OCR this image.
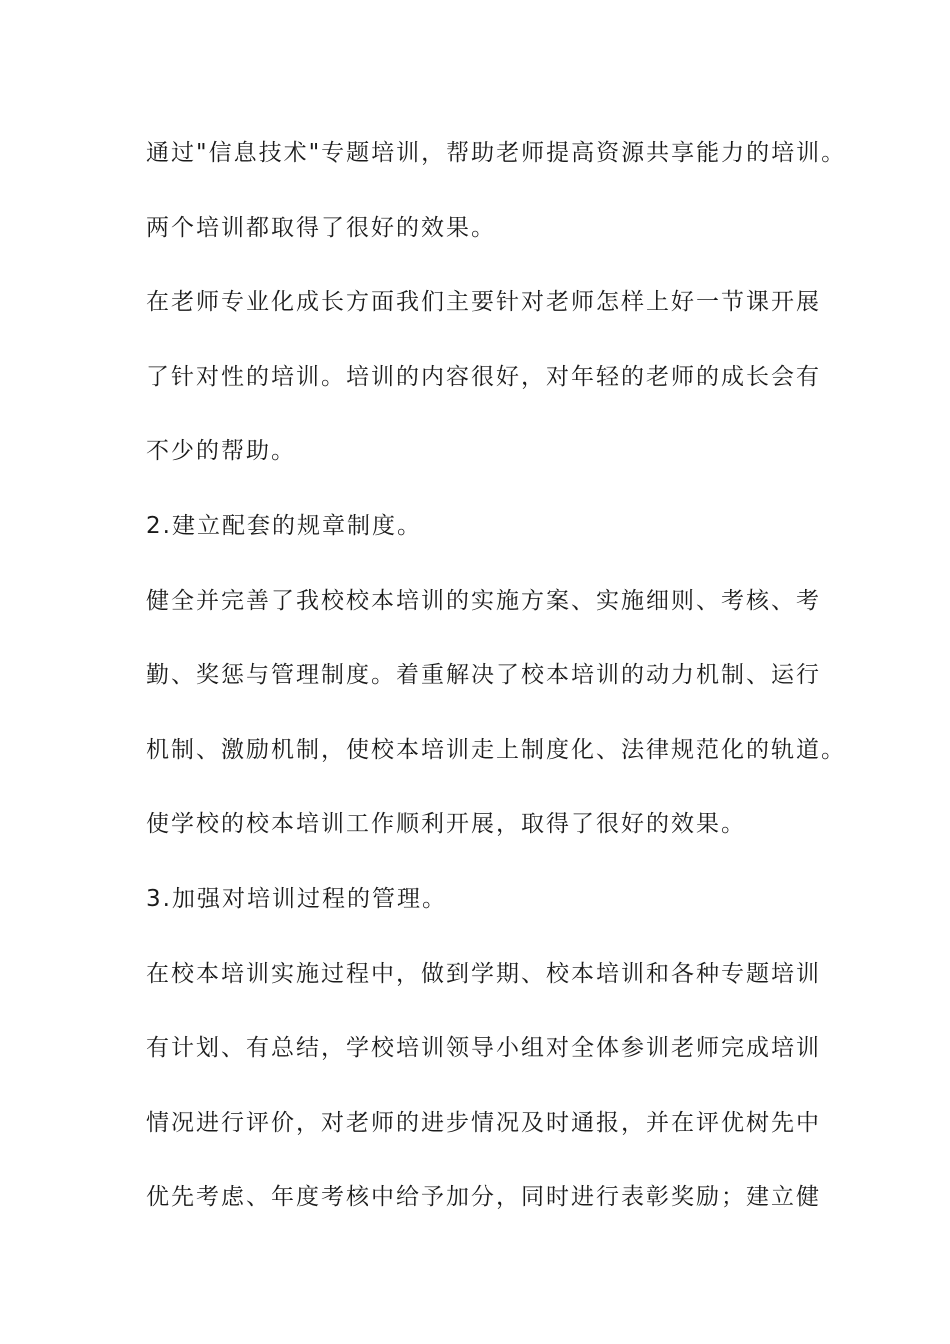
通过"信息技术"专题培训，帮助老师提高资源共享能力的培训。
两个培训都取得了很好的效果。
在老师专业化成长方面我们主要针对老师怎样上好一节课开展
了针对性的培训。培训的内容很好，对年轻的老师的成长会有
不少的帮助。
2.建立配套的规章制度。
健全并完善了我校校本培训的实施方案、实施细则、考核、考
勤、奖惩与管理制度。着重解决了校本培训的动力机制、运行
机制、激励机制，使校本培训走上制度化、法律规范化的轨道。
使学校的校本培训工作顺利开展，取得了很好的效果。
3.加强对培训过程的管理。
在校本培训实施过程中，做到学期、校本培训和各种专题培训
有计划、有总结，学校培训领导小组对全体参训老师完成培训
情况进行评价，对老师的进步情况及时通报，并在评优树先中
优先考虑、年度考核中给予加分，同时进行表彰奖励；建立健
